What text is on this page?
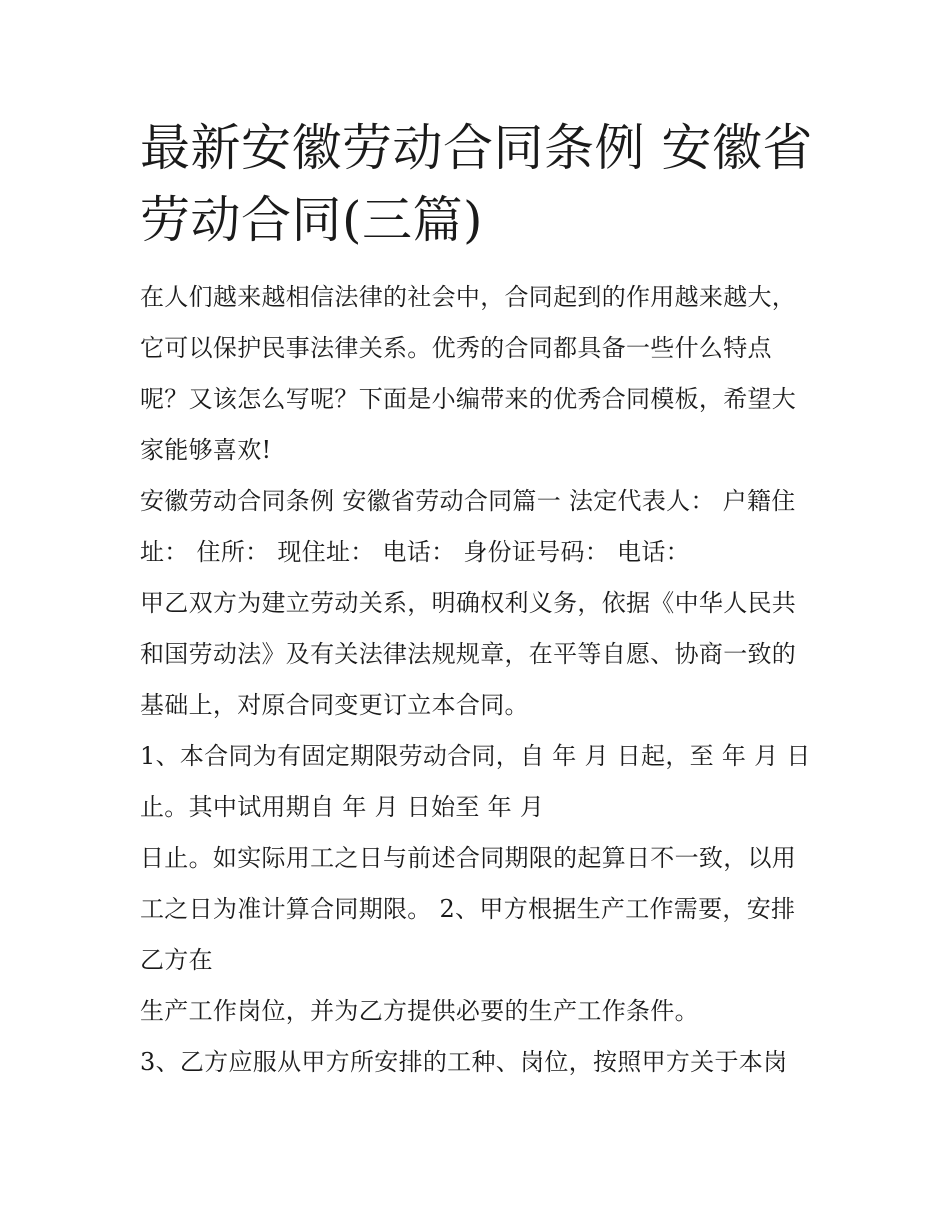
最新安徽劳动合同条例 安徽省
劳动合同(三篇)
在人们越来越相信法律的社会中，合同起到的作用越来越大，
它可以保护民事法律关系。优秀的合同都具备一些什么特点
呢？又该怎么写呢？下面是小编带来的优秀合同模板，希望大
家能够喜欢!
安徽劳动合同条例 安徽省劳动合同篇一 法定代表人： 户籍住
址： 住所： 现住址： 电话： 身份证号码： 电话：
甲乙双方为建立劳动关系，明确权利义务，依据《中华人民共
和国劳动法》及有关法律法规规章，在平等自愿、协商一致的
基础上，对原合同变更订立本合同。
1、本合同为有固定期限劳动合同，自 年 月 日起，至 年 月 日
止。其中试用期自 年 月 日始至 年 月
日止。如实际用工之日与前述合同期限的起算日不一致，以用
工之日为准计算合同期限。 2、甲方根据生产工作需要，安排
乙方在
生产工作岗位，并为乙方提供必要的生产工作条件。
3、乙方应服从甲方所安排的工种、岗位，按照甲方关于本岗
